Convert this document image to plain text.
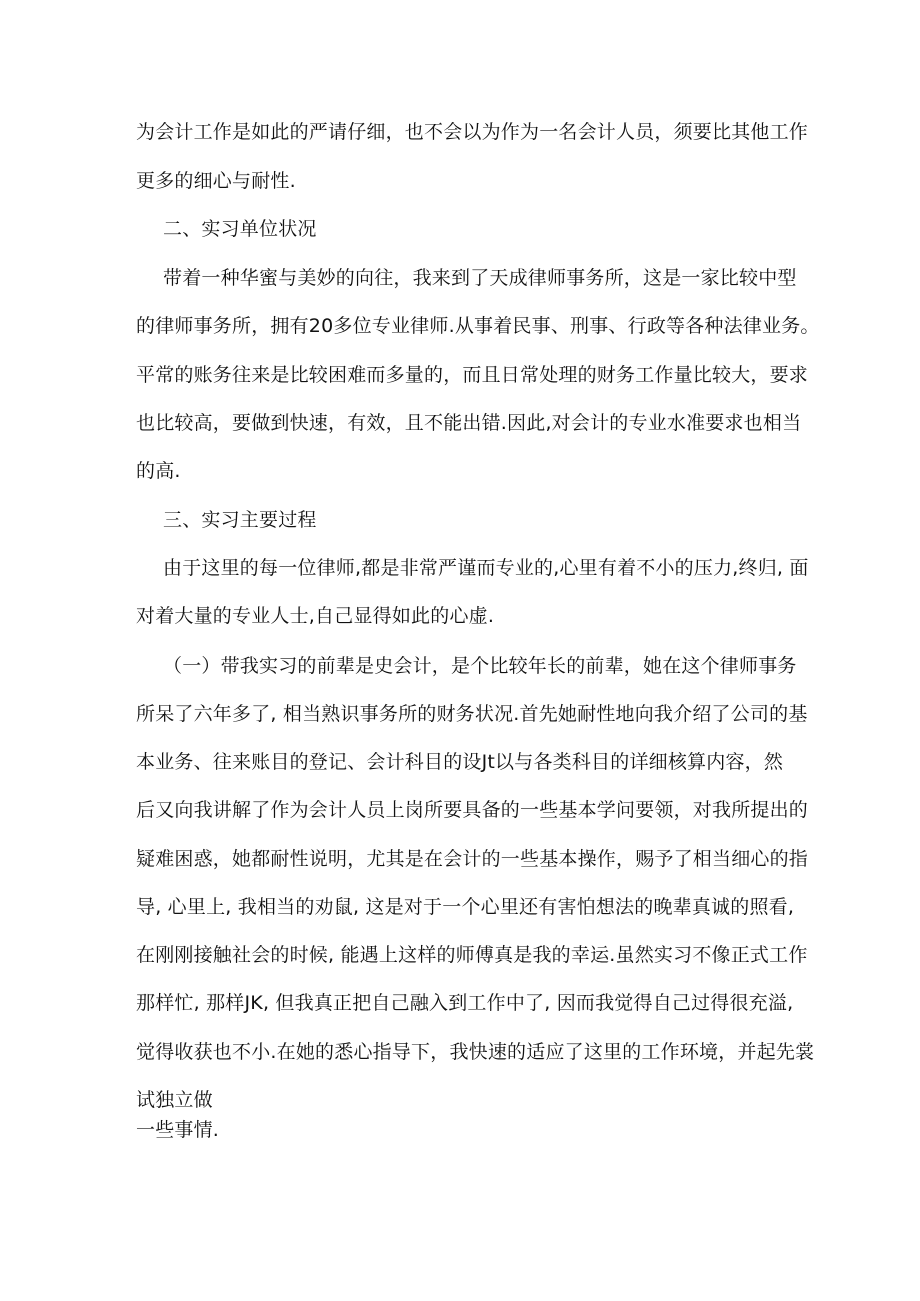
为会计工作是如此的严请仔细，也不会以为作为一名会计人员，须要比其他工作
更多的细心与耐性.
二、实习单位状况
带着一种华蜜与美妙的向往，我来到了天成律师事务所，这是一家比较中型
的律师事务所，拥有20多位专业律师.从事着民事、刑事、行政等各种法律业务。
平常的账务往来是比较困难而多量的，而且日常处理的财务工作量比较大，要求
也比较高，要做到快速，有效，且不能出错.因此,对会计的专业水准要求也相当
的高.
三、实习主要过程
由于这里的每一位律师,都是非常严谨而专业的,心里有着不小的压力,终归, 面
对着大量的专业人士,自己显得如此的心虚.
（一）带我实习的前辈是史会计，是个比较年长的前辈，她在这个律师事务
所呆了六年多了, 相当熟识事务所的财务状况.首先她耐性地向我介绍了公司的基
本业务、往来账目的登记、会计科目的设Jt以与各类科目的详细核算内容，然
后又向我讲解了作为会计人员上岗所要具备的一些基本学问要领，对我所提出的
疑难困惑，她都耐性说明，尤其是在会计的一些基本操作，赐予了相当细心的指
导, 心里上, 我相当的劝鼠, 这是对于一个心里还有害怕想法的晚辈真诚的照看,
在刚刚接触社会的时候, 能遇上这样的师傅真是我的幸运.虽然实习不像正式工作
那样忙, 那样JK, 但我真正把自己融入到工作中了, 因而我觉得自己过得很充溢,
觉得收获也不小.在她的悉心指导下，我快速的适应了这里的工作环境，并起先裳
试独立做
一些事情.
